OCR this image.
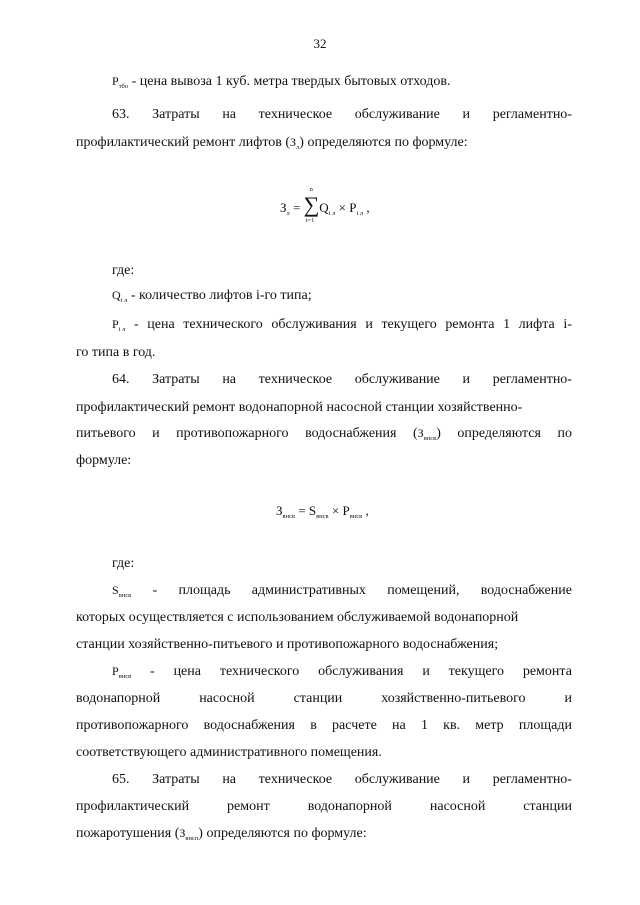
32
$P_{тбо}$ - цена вывоза 1 куб. метра твердых бытовых отходов.
63. Затраты на техническое обслуживание и регламентно-
профилактический ремонт лифтов $(З_л)$ определяются по формуле:
$З_л$ = ∑
n
i=1
$Q_{i л} \times P_{i л}$ ,
где:
$Q_{i л}$ - количество лифтов i-го типа;
$P_{i л}$ - цена технического обслуживания и текущего ремонта 1 лифта i-
го типа в год.
64. Затраты на техническое обслуживание и регламентно-
профилактический ремонт водонапорной насосной станции хозяйственно-
питьевого и противопожарного водоснабжения $(З_{внсв})$ определяются по
формуле:
$З_{внсв} = S_{внсв} \times P_{внсв}$ ,
где:
$S_{внсв}$ - площадь административных помещений, водоснабжение
которых осуществляется с использованием обслуживаемой водонапорной
станции хозяйственно-питьевого и противопожарного водоснабжения;
$P_{внсв}$ - цена технического обслуживания и текущего ремонта
водонапорной	насосной	станции	хозяйственно-питьевого	и
противопожарного водоснабжения в расчете на 1 кв. метр площади
соответствующего административного помещения.
65. Затраты на техническое обслуживание и регламентно-
профилактический	ремонт	водонапорной	насосной	станции
пожаротушения $(З_{внсп})$ определяются по формуле:
